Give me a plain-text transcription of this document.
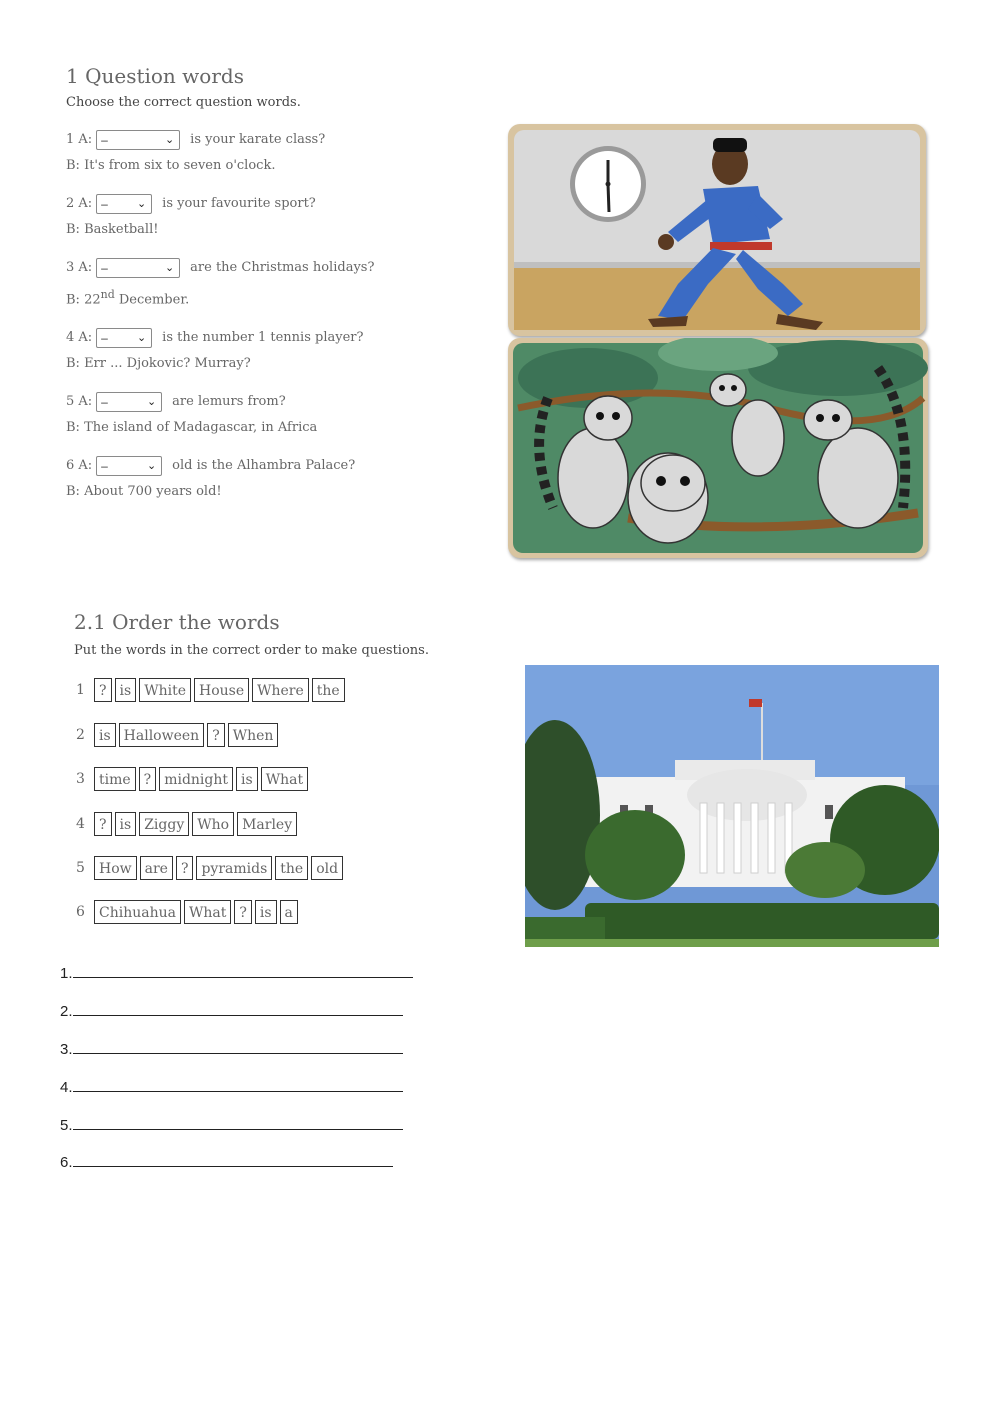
1 Question words
Choose the correct question words.
1 A: –	⌄ is your karate class?
B: It's from six to seven o'clock.
2 A: –	⌄ is your favourite sport?
B: Basketball!
3 A: –	⌄ are the Christmas holidays?
B: 22nd December.
4 A: –	⌄ is the number 1 tennis player?
B: Err ... Djokovic? Murray?
5 A: –	⌄ are lemurs from?
B: The island of Madagascar, in Africa
6 A: –	⌄ old is the Alhambra Palace?
B: About 700 years old!
2.1 Order the words
Put the words in the correct order to make questions.
1	? is White House Where the
2	is Halloween ? When
3	time ? midnight is What
4	? is Ziggy Who Marley
5	How are ? pyramids the old
6	Chihuahua What ? is a
1.
2.
3.
4.
5.
6.
